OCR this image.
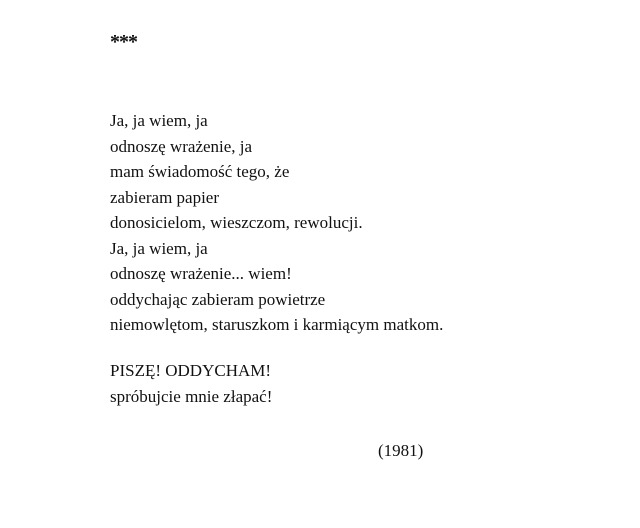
***
Ja, ja wiem, ja
odnoszę wrażenie, ja
mam świadomość tego, że
zabieram papier
donosicielom, wieszczom, rewolucji.
Ja, ja wiem, ja
odnoszę wrażenie... wiem!
oddychając zabieram powietrze
niemowlętom, staruszkom i karmiącym matkom.
PISZĘ! ODDYCHAM!
spróbujcie mnie złapać!
(1981)
